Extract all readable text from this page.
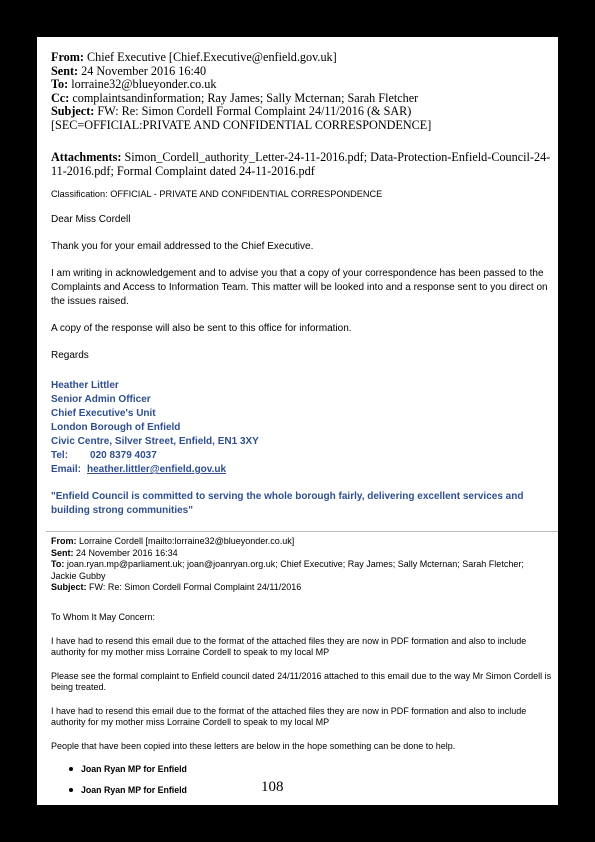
From: Chief Executive [Chief.Executive@enfield.gov.uk]
Sent: 24 November 2016 16:40
To: lorraine32@blueyonder.co.uk
Cc: complaintsandinformation; Ray James; Sally Mcternan; Sarah Fletcher
Subject: FW: Re: Simon Cordell Formal Complaint 24/11/2016 (& SAR) [SEC=OFFICIAL:PRIVATE AND CONFIDENTIAL CORRESPONDENCE]
Attachments: Simon_Cordell_authority_Letter-24-11-2016.pdf; Data-Protection-Enfield-Council-24-11-2016.pdf; Formal Complaint dated 24-11-2016.pdf
Classification: OFFICIAL - PRIVATE AND CONFIDENTIAL CORRESPONDENCE

Dear Miss Cordell

Thank you for your email addressed to the Chief Executive.

I am writing in acknowledgement and to advise you that a copy of your correspondence has been passed to the Complaints and Access to Information Team. This matter will be looked into and a response sent to you direct on the issues raised.

A copy of the response will also be sent to this office for information.

Regards

Heather Littler
Senior Admin Officer
Chief Executive's Unit
London Borough of Enfield
Civic Centre, Silver Street, Enfield, EN1 3XY
Tel: 020 8379 4037
Email: heather.littler@enfield.gov.uk
"Enfield Council is committed to serving the whole borough fairly, delivering excellent services and building strong communities"
From: Lorraine Cordell [mailto:lorraine32@blueyonder.co.uk]
Sent: 24 November 2016 16:34
To: joan.ryan.mp@parliament.uk; joan@joanryan.org.uk; Chief Executive; Ray James; Sally Mcternan; Sarah Fletcher; Jackie Gubby
Subject: FW: Re: Simon Cordell Formal Complaint 24/11/2016

To Whom It May Concern:

I have had to resend this email due to the format of the attached files they are now in PDF formation and also to include authority for my mother miss Lorraine Cordell to speak to my local MP

Please see the formal complaint to Enfield council dated 24/11/2016 attached to this email due to the way Mr Simon Cordell is being treated.

I have had to resend this email due to the format of the attached files they are now in PDF formation and also to include authority for my mother miss Lorraine Cordell to speak to my local MP

People that have been copied into these letters are below in the hope something can be done to help.

Joan Ryan MP for Enfield
Joan Ryan MP for Enfield	108
